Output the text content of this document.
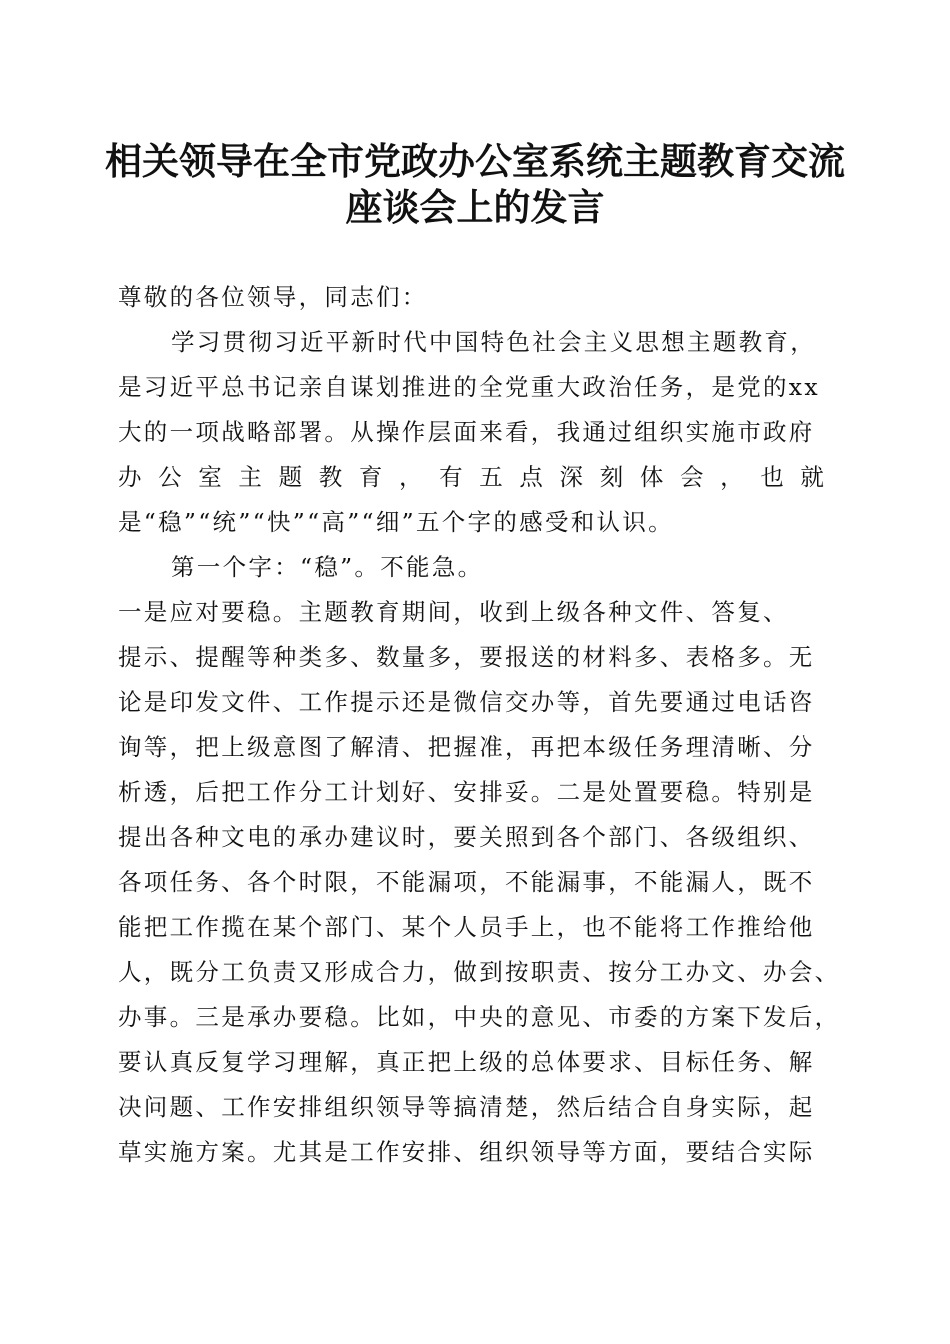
相关领导在全市党政办公室系统主题教育交流
座谈会上的发言
尊敬的各位领导，同志们：
学习贯彻习近平新时代中国特色社会主义思想主题教育，
是习近平总书记亲自谋划推进的全党重大政治任务，是党的xx
大的一项战略部署。从操作层面来看，我通过组织实施市政府
办 公 室 主 题 教 育 ， 有 五 点 深 刻 体 会 ， 也 就
是“稳”“统”“快”“高”“细”五个字的感受和认识。
第一个字：“稳”。不能急。
一是应对要稳。主题教育期间，收到上级各种文件、答复、
提示、提醒等种类多、数量多，要报送的材料多、表格多。无
论是印发文件、工作提示还是微信交办等，首先要通过电话咨
询等，把上级意图了解清、把握准，再把本级任务理清晰、分
析透，后把工作分工计划好、安排妥。二是处置要稳。特别是
提出各种文电的承办建议时，要关照到各个部门、各级组织、
各项任务、各个时限，不能漏项，不能漏事，不能漏人，既不
能把工作揽在某个部门、某个人员手上，也不能将工作推给他
人，既分工负责又形成合力，做到按职责、按分工办文、办会、
办事。三是承办要稳。比如，中央的意见、市委的方案下发后，
要认真反复学习理解，真正把上级的总体要求、目标任务、解
决问题、工作安排组织领导等搞清楚，然后结合自身实际，起
草实施方案。尤其是工作安排、组织领导等方面，要结合实际
